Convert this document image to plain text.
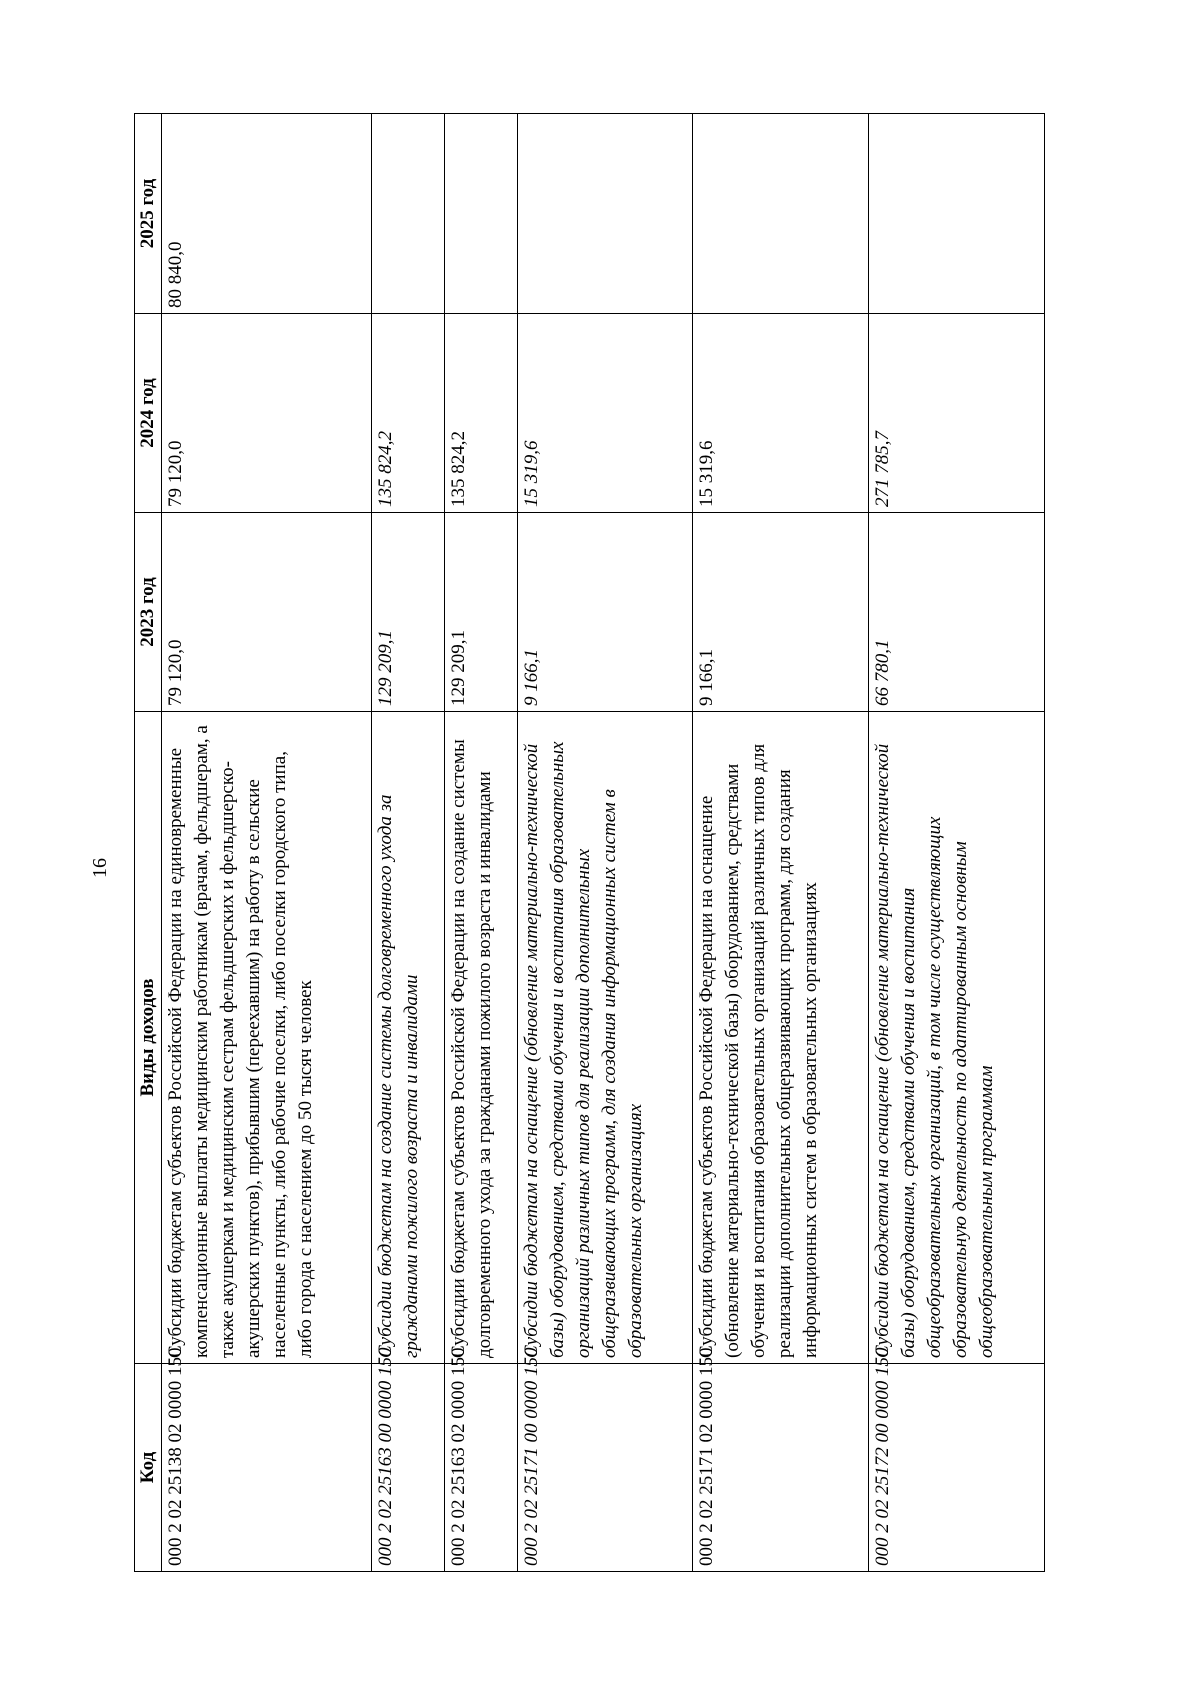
16
Код	Виды доходов	2023 год	2024 год	2025 год
000 2 02 25138 02 0000 150	Субсидии бюджетам субъектов Российской Федерации на единовременные компенсационные выплаты медицинским работникам (врачам, фельдшерам, а также акушеркам и медицинским сестрам фельдшерских и фельдшерско-акушерских пунктов), прибывшим (переехавшим) на работу в сельские населенные пункты, либо рабочие поселки, либо поселки городского типа, либо города с населением до 50 тысяч человек	79 120,0	79 120,0	80 840,0
000 2 02 25163 00 0000 150	Субсидии бюджетам на создание системы долговременного ухода за гражданами пожилого возраста и инвалидами	129 209,1	135 824,2	
000 2 02 25163 02 0000 150	Субсидии бюджетам субъектов Российской Федерации на создание системы долговременного ухода за гражданами пожилого возраста и инвалидами	129 209,1	135 824,2	
000 2 02 25171 00 0000 150	Субсидии бюджетам на оснащение (обновление материально-технической базы) оборудованием, средствами обучения и воспитания образовательных организаций различных типов для реализации дополнительных общеразвивающих программ, для создания информационных систем в образовательных организациях	9 166,1	15 319,6	
000 2 02 25171 02 0000 150	Субсидии бюджетам субъектов Российской Федерации на оснащение (обновление материально-технической базы) оборудованием, средствами обучения и воспитания образовательных организаций различных типов для реализации дополнительных общеразвивающих программ, для создания информационных систем в образовательных организациях	9 166,1	15 319,6	
000 2 02 25172 00 0000 150	Субсидии бюджетам на оснащение (обновление материально-технической базы) оборудованием, средствами обучения и воспитания общеобразовательных организаций, в том числе осуществляющих образовательную деятельность по адаптированным основным общеобразовательным программам	66 780,1	271 785,7	
